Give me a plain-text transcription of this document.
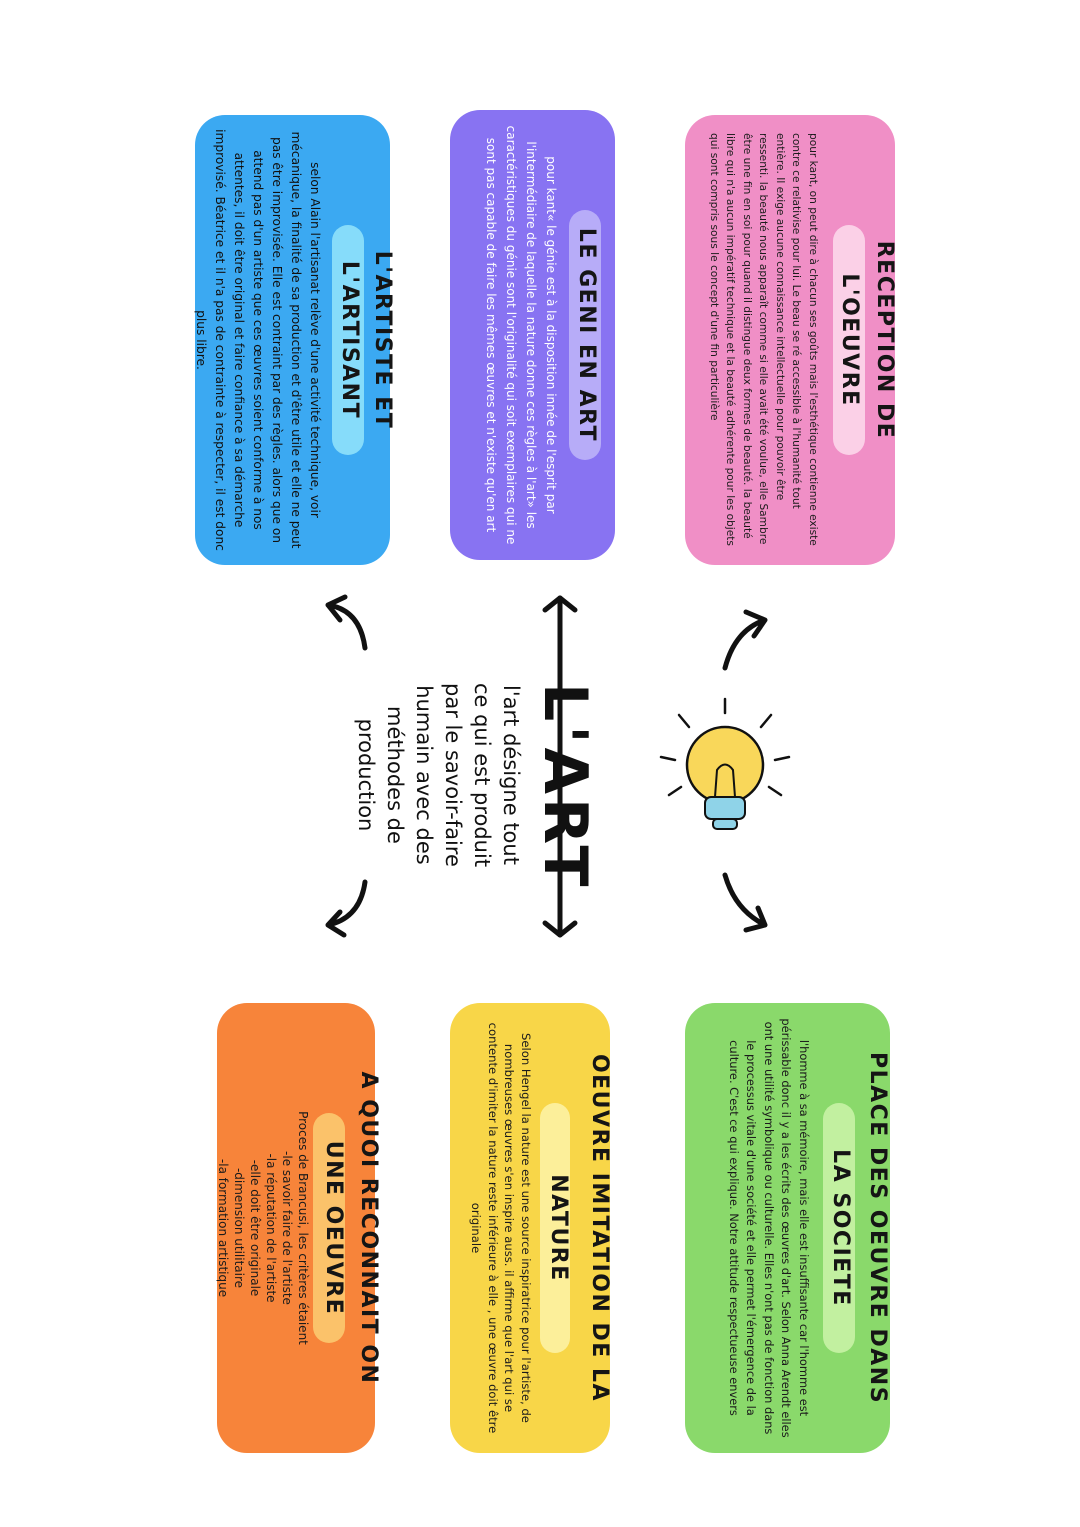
L'ART
l'art désigne tout ce qui est produit par le savoir-faire humain avec des méthodes de production
RECEPTION DE
L'OEUVRE
pour kant, on peut dire à chacun ses goûts mais l'esthétique contienne existe contre ce relativise pour lui. Le beau se ré accessible à l'humanité tout entière. Il exige aucune connaissance intellectuelle pour pouvoir être ressenti. la beauté nous apparaît comme si elle avait été voulue, elle Sambre être une fin en soi pour quand il distingue deux formes de beauté. la beauté libre qui n'a aucun impératif technique et la beauté adhérente pour les objets qui sont compris sous le concept d'une fin particulière
LE GENI EN ART
pour kant« le génie est à la disposition innée de l'esprit par l'intermédiaire de laquelle la nature donne ces règles à l'art» les caractéristiques du génie sont l'originalité qui soit exemplaires qui ne sont pas capable de faire les mêmes œuvres et n'existe qu'en art
L'ARTISTE ET
L'ARTISANT
selon Alain l'artisanat relève d'une activité technique, voir mécanique, la finalité de sa production et d'être utile et elle ne peut pas être improvisée. Elle est contraint par des règles. alors que on attend pas d'un artiste que ces œuvres soient conforme à nos attentes, il doit être original et faire confiance à sa démarche improvisé. Béatrice et il n'a pas de contrainte à respecter, il est donc plus libre.
PLACE DES OEUVRE DANS
LA SOCIETE
l'homme à sa mémoire, mais elle est insuffisante car l'homme est périssable donc il y a les écrits des œuvres d'art. Selon Anna Arendt elles ont une utilité symbolique ou culturelle. Elles n'ont pas de fonction dans le processus vitale d'une société et elle permet l'émergence de la culture. C'est ce qui explique. Notre attitude respectueuse envers
OEUVRE IMITATION DE LA
NATURE
Selon Hengel la nature est une source inspiratrice pour l'artiste, de nombreuses œuvres s'en inspire auss. il affirme que l'art qui se contente d'imiter la nature reste inférieure à elle , une œuvre doit être originale
A QUOI RECONNAIT ON
UNE OEUVRE
Proces de Brancusi, les critères étaient
-le savoir faire de l'artiste
-la réputation de l'artiste
-elle doit être originale
-dimension utilitaire
-la formation artistique
